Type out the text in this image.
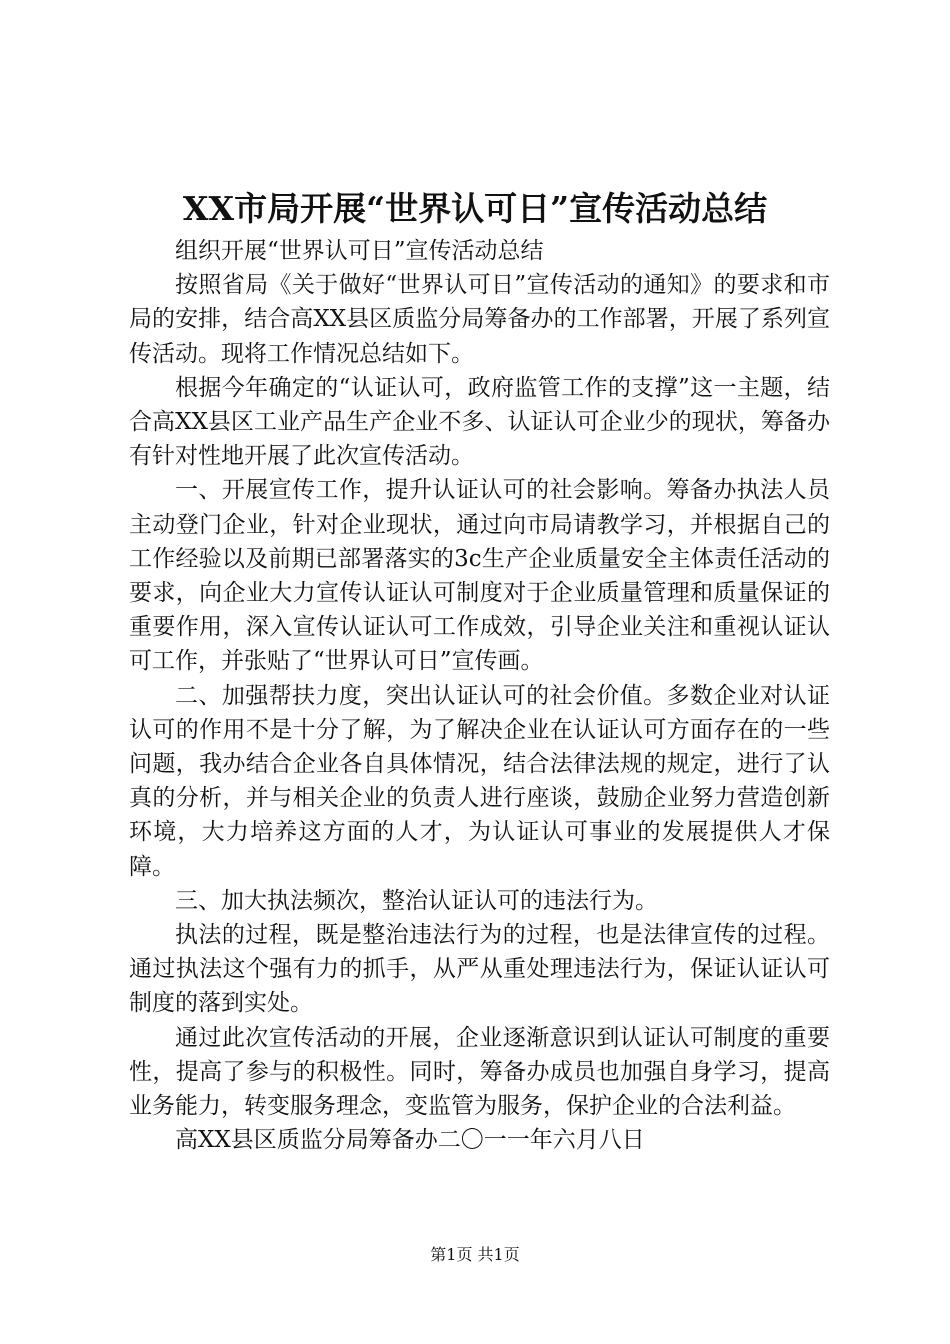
XX市局开展“世界认可日”宣传活动总结

组织开展“世界认可日”宣传活动总结

按照省局《关于做好“世界认可日”宣传活动的通知》的要求和市局的安排，结合高XX县区质监分局筹备办的工作部署，开展了系列宣传活动。现将工作情况总结如下。

根据今年确定的“认证认可，政府监管工作的支撑”这一主题，结合高XX县区工业产品生产企业不多、认证认可企业少的现状，筹备办有针对性地开展了此次宣传活动。

一、开展宣传工作，提升认证认可的社会影响。筹备办执法人员主动登门企业，针对企业现状，通过向市局请教学习，并根据自己的工作经验以及前期已部署落实的3c生产企业质量安全主体责任活动的要求，向企业大力宣传认证认可制度对于企业质量管理和质量保证的重要作用，深入宣传认证认可工作成效，引导企业关注和重视认证认可工作，并张贴了“世界认可日”宣传画。

二、加强帮扶力度，突出认证认可的社会价值。多数企业对认证认可的作用不是十分了解，为了解决企业在认证认可方面存在的一些问题，我办结合企业各自具体情况，结合法律法规的规定，进行了认真的分析，并与相关企业的负责人进行座谈，鼓励企业努力营造创新环境，大力培养这方面的人才，为认证认可事业的发展提供人才保障。

三、加大执法频次，整治认证认可的违法行为。

执法的过程，既是整治违法行为的过程，也是法律宣传的过程。通过执法这个强有力的抓手，从严从重处理违法行为，保证认证认可制度的落到实处。

通过此次宣传活动的开展，企业逐渐意识到认证认可制度的重要性，提高了参与的积极性。同时，筹备办成员也加强自身学习，提高业务能力，转变服务理念，变监管为服务，保护企业的合法利益。

高XX县区质监分局筹备办二〇一一年六月八日

第1页 共1页
